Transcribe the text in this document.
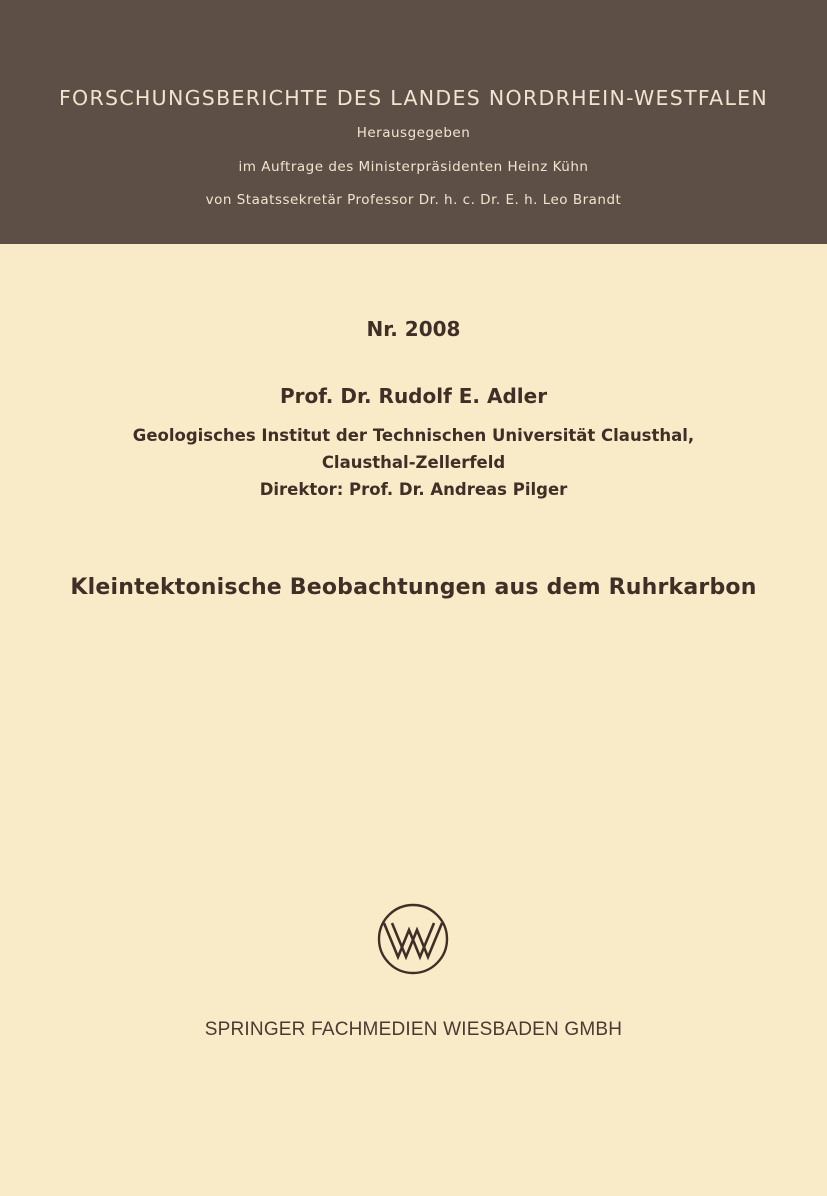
FORSCHUNGSBERICHTE DES LANDES NORDRHEIN-WESTFALEN
Herausgegeben
im Auftrage des Ministerpräsidenten Heinz Kühn
von Staatssekretär Professor Dr. h. c. Dr. E. h. Leo Brandt
Nr. 2008
Prof. Dr. Rudolf E. Adler
Geologisches Institut der Technischen Universität Clausthal,
Clausthal-Zellerfeld
Direktor: Prof. Dr. Andreas Pilger
Kleintektonische Beobachtungen aus dem Ruhrkarbon
SPRINGER FACHMEDIEN WIESBADEN GMBH
